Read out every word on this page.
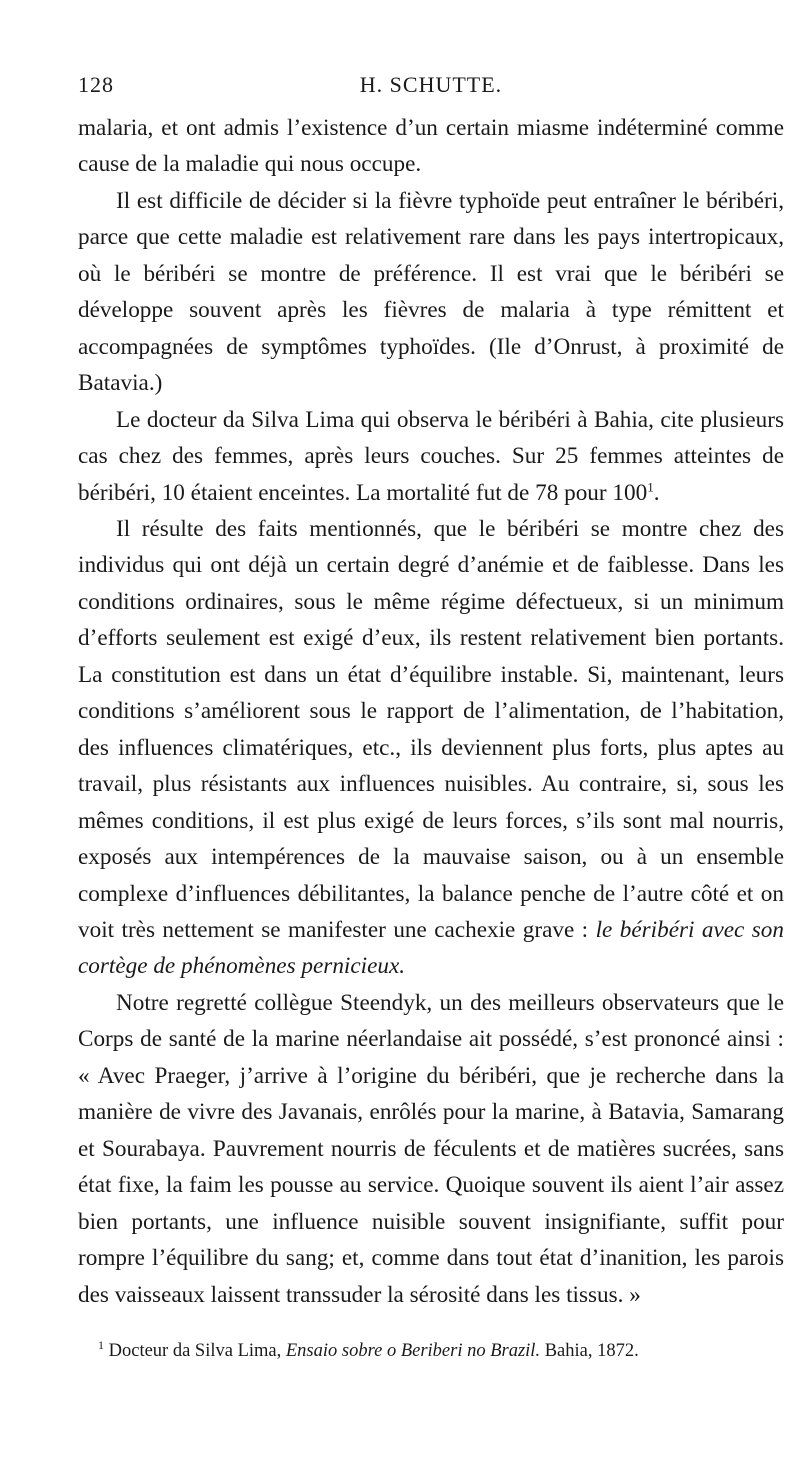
128	H. SCHUTTE.

malaria, et ont admis l’existence d’un certain miasme indéterminé comme cause de la maladie qui nous occupe.

Il est difficile de décider si la fièvre typhoïde peut entraîner le béribéri, parce que cette maladie est relativement rare dans les pays intertropicaux, où le béribéri se montre de préférence. Il est vrai que le béribéri se développe souvent après les fièvres de malaria à type rémittent et accompagnées de symptômes typhoïdes. (Ile d’Onrust, à proximité de Batavia.)

Le docteur da Silva Lima qui observa le béribéri à Bahia, cite plusieurs cas chez des femmes, après leurs couches. Sur 25 femmes atteintes de béribéri, 10 étaient enceintes. La mortalité fut de 78 pour $100^1$.

Il résulte des faits mentionnés, que le béribéri se montre chez des individus qui ont déjà un certain degré d’anémie et de faiblesse. Dans les conditions ordinaires, sous le même régime défectueux, si un minimum d’efforts seulement est exigé d’eux, ils restent relativement bien portants. La constitution est dans un état d’équilibre instable. Si, maintenant, leurs conditions s’améliorent sous le rapport de l’alimentation, de l’habitation, des influences climatériques, etc., ils deviennent plus forts, plus aptes au travail, plus résistants aux influences nuisibles. Au contraire, si, sous les mêmes conditions, il est plus exigé de leurs forces, s’ils sont mal nourris, exposés aux intempérences de la mauvaise saison, ou à un ensemble complexe d’influences débilitantes, la balance penche de l’autre côté et on voit très nettement se manifester une cachexie grave : le béribéri avec son cortège de phénomènes pernicieux.

Notre regretté collègue Steendyk, un des meilleurs observateurs que le Corps de santé de la marine néerlandaise ait possédé, s’est prononcé ainsi : « Avec Praeger, j’arrive à l’origine du béribéri, que je recherche dans la manière de vivre des Javanais, enrôlés pour la marine, à Batavia, Samarang et Sourabaya. Pauvrement nourris de féculents et de matières sucrées, sans état fixe, la faim les pousse au service. Quoique souvent ils aient l’air assez bien portants, une influence nuisible souvent insignifiante, suffit pour rompre l’équilibre du sang; et, comme dans tout état d’inanition, les parois des vaisseaux laissent transsuder la sérosité dans les tissus. »

$^1$ Docteur da Silva Lima, Ensaio sobre o Beriberi no Brazil. Bahia, 1872.
